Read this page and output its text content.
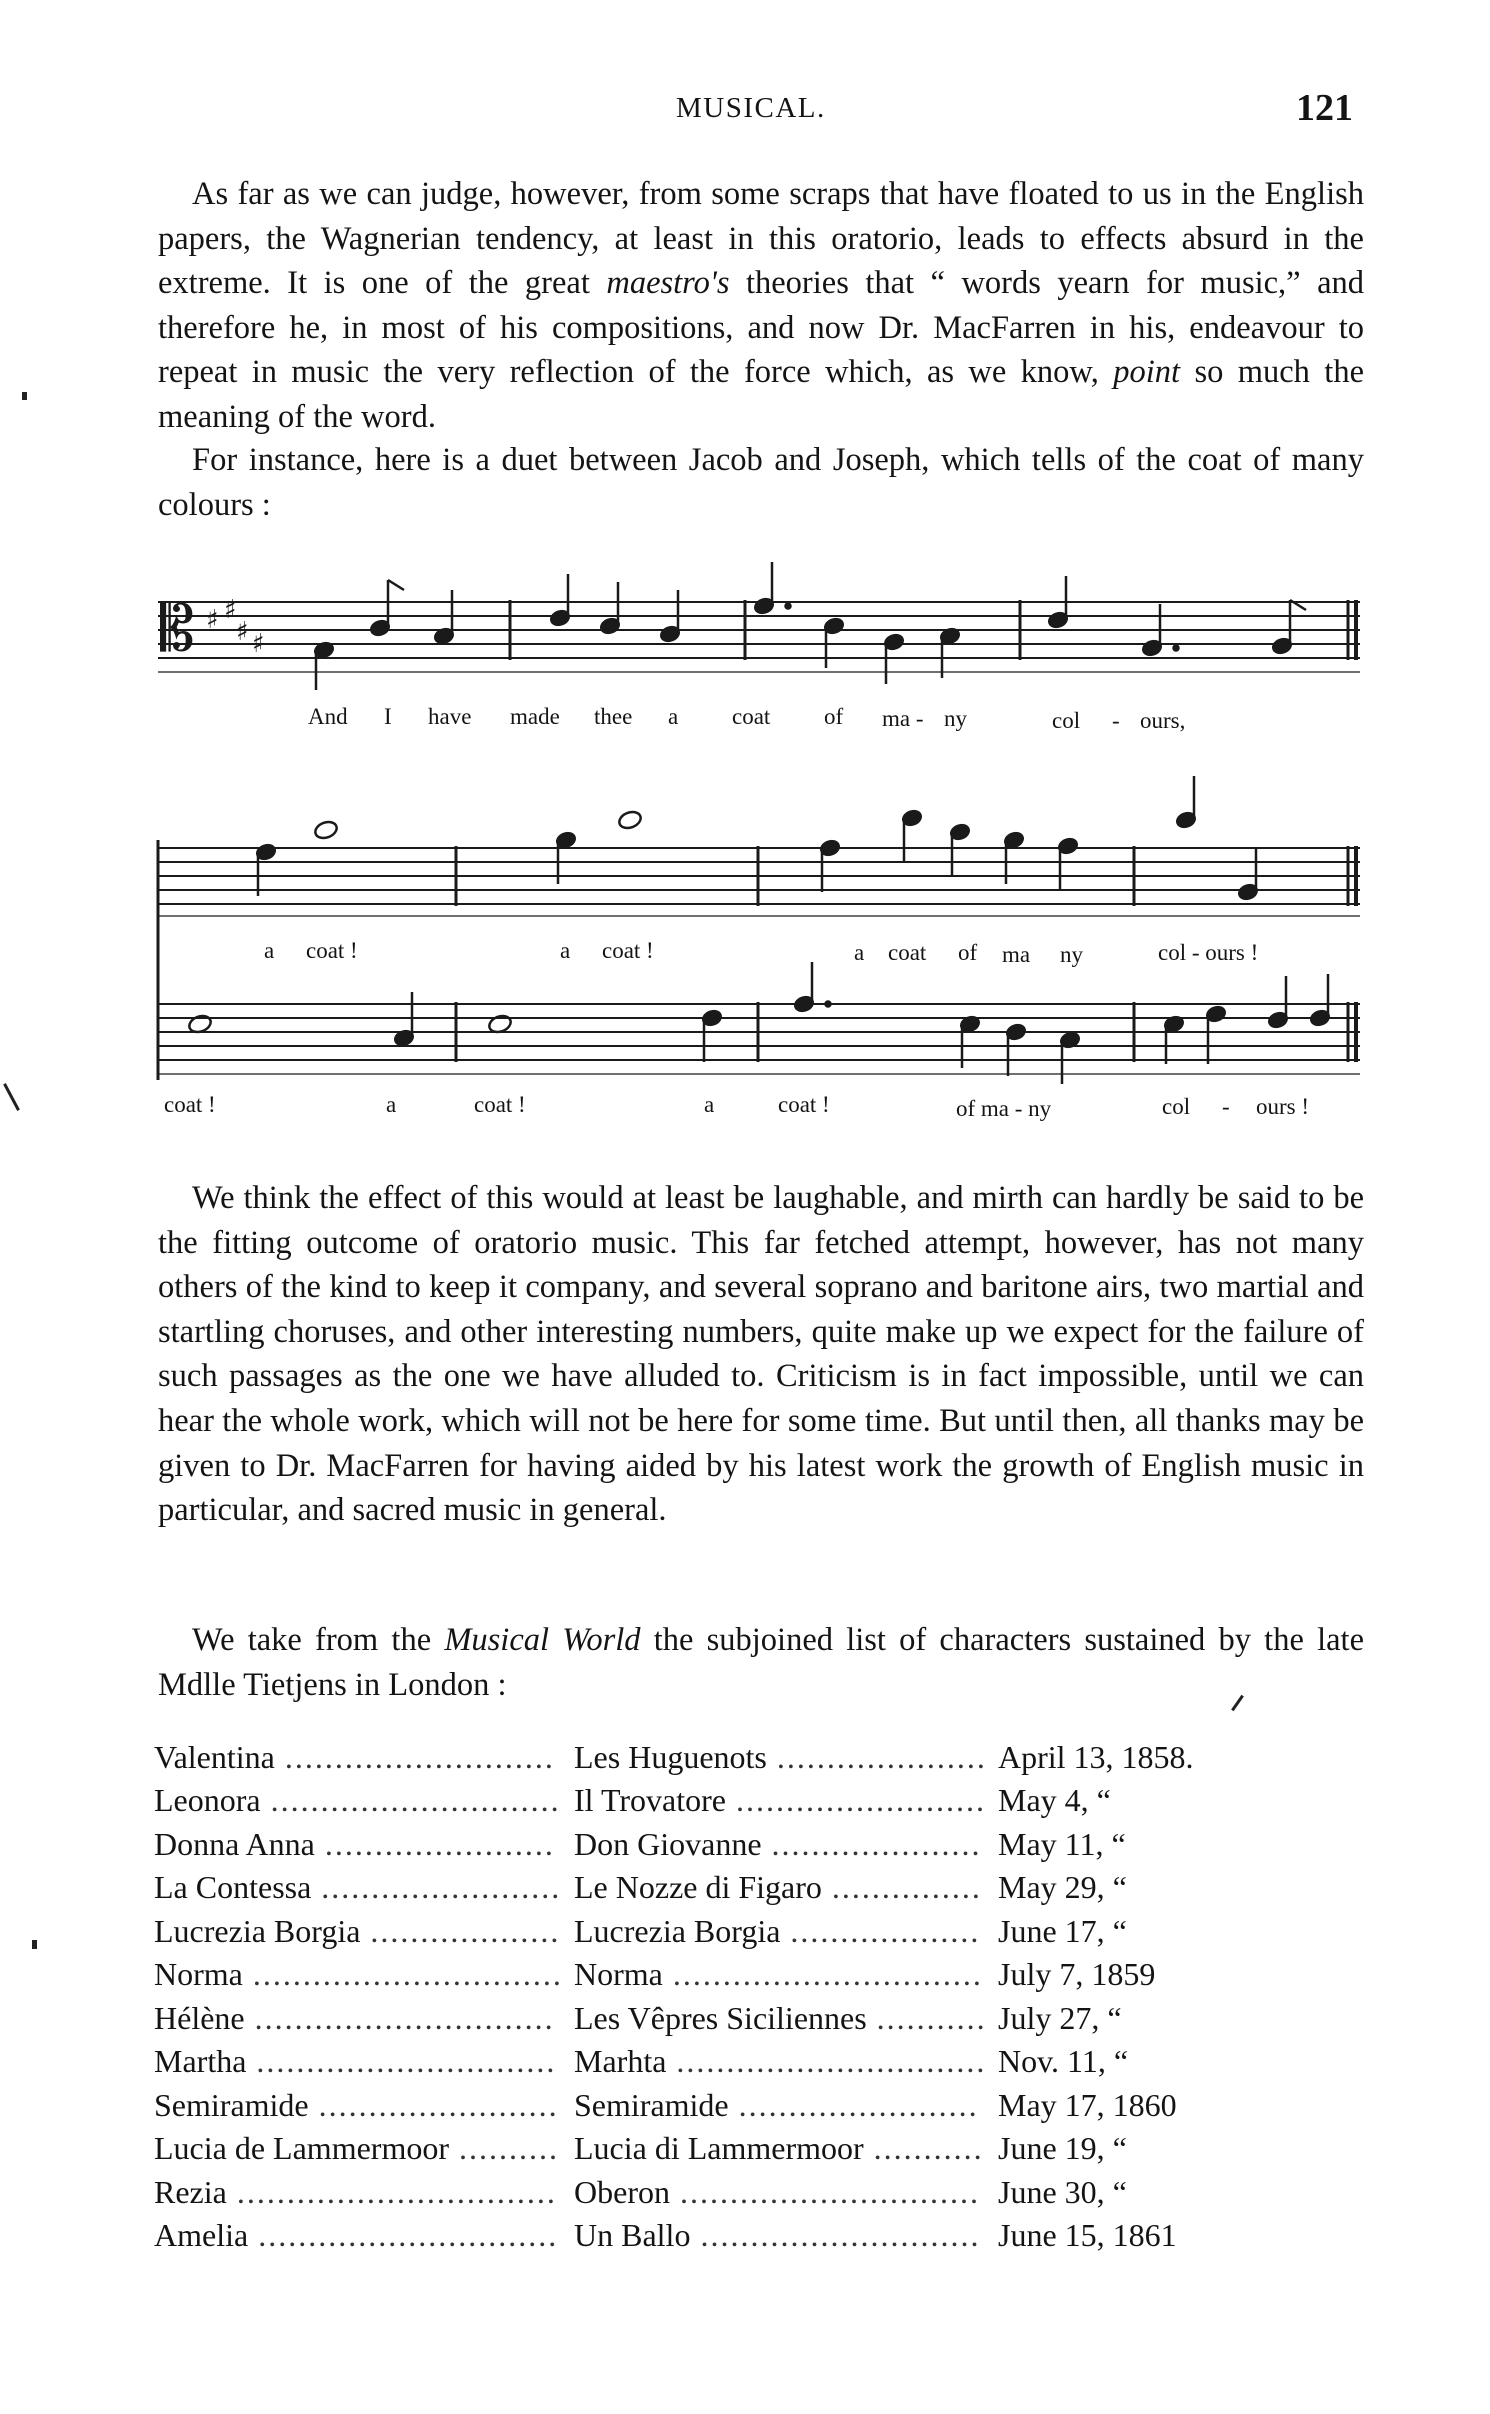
MUSICAL.	121

As far as we can judge, however, from some scraps that have floated to us in the English papers, the Wagnerian tendency, at least in this oratorio, leads to effects absurd in the extreme. It is one of the great maestro's theories that “ words yearn for music,” and therefore he, in most of his compositions, and now Dr. MacFarren in his, endeavour to repeat in music the very reflection of the force which, as we know, point so much the meaning of the word.

For instance, here is a duet between Jacob and Joseph, which tells of the coat of many colours :

𝄡 ♯ ♯
♯ ♯
And I have made thee a coat of ma - ny	col - ours,
a coat !	a coat !	a coat of ma ny	col - ours !
coat !	a	coat !	a	coat !	of ma - ny	col - ours !

We think the effect of this would at least be laughable, and mirth can hardly be said to be the fitting outcome of oratorio music. This far fetched attempt, however, has not many others of the kind to keep it company, and several soprano and baritone airs, two martial and startling choruses, and other interesting numbers, quite make up we expect for the failure of such passages as the one we have alluded to. Criticism is in fact impossible, until we can hear the whole work, which will not be here for some time. But until then, all thanks may be given to Dr. MacFarren for having aided by his latest work the growth of English music in particular, and sacred music in general.

We take from the Musical World the subjoined list of characters sustained by the late Mdlle Tietjens in London :

Valentina ...........................	Les Huguenots .....................	April 13, 1858.
Leonora .............................	Il Trovatore .........................	May 4, “
Donna Anna .......................	Don Giovanne .....................	May 11, “
La Contessa ........................	Le Nozze di Figaro ...............	May 29, “
Lucrezia Borgia ...................	Lucrezia Borgia ...................	June 17, “
Norma ...............................	Norma ...............................	July 7, 1859
Hélène ..............................	Les Vêpres Siciliennes ...........	July 27, “
Martha ..............................	Marhta ...............................	Nov. 11, “
Semiramide ........................	Semiramide ........................	May 17, 1860
Lucia de Lammermoor ..........	Lucia di Lammermoor ...........	June 19, “
Rezia ................................	Oberon ..............................	June 30, “
Amelia ..............................	Un Ballo ............................	June 15, 1861
